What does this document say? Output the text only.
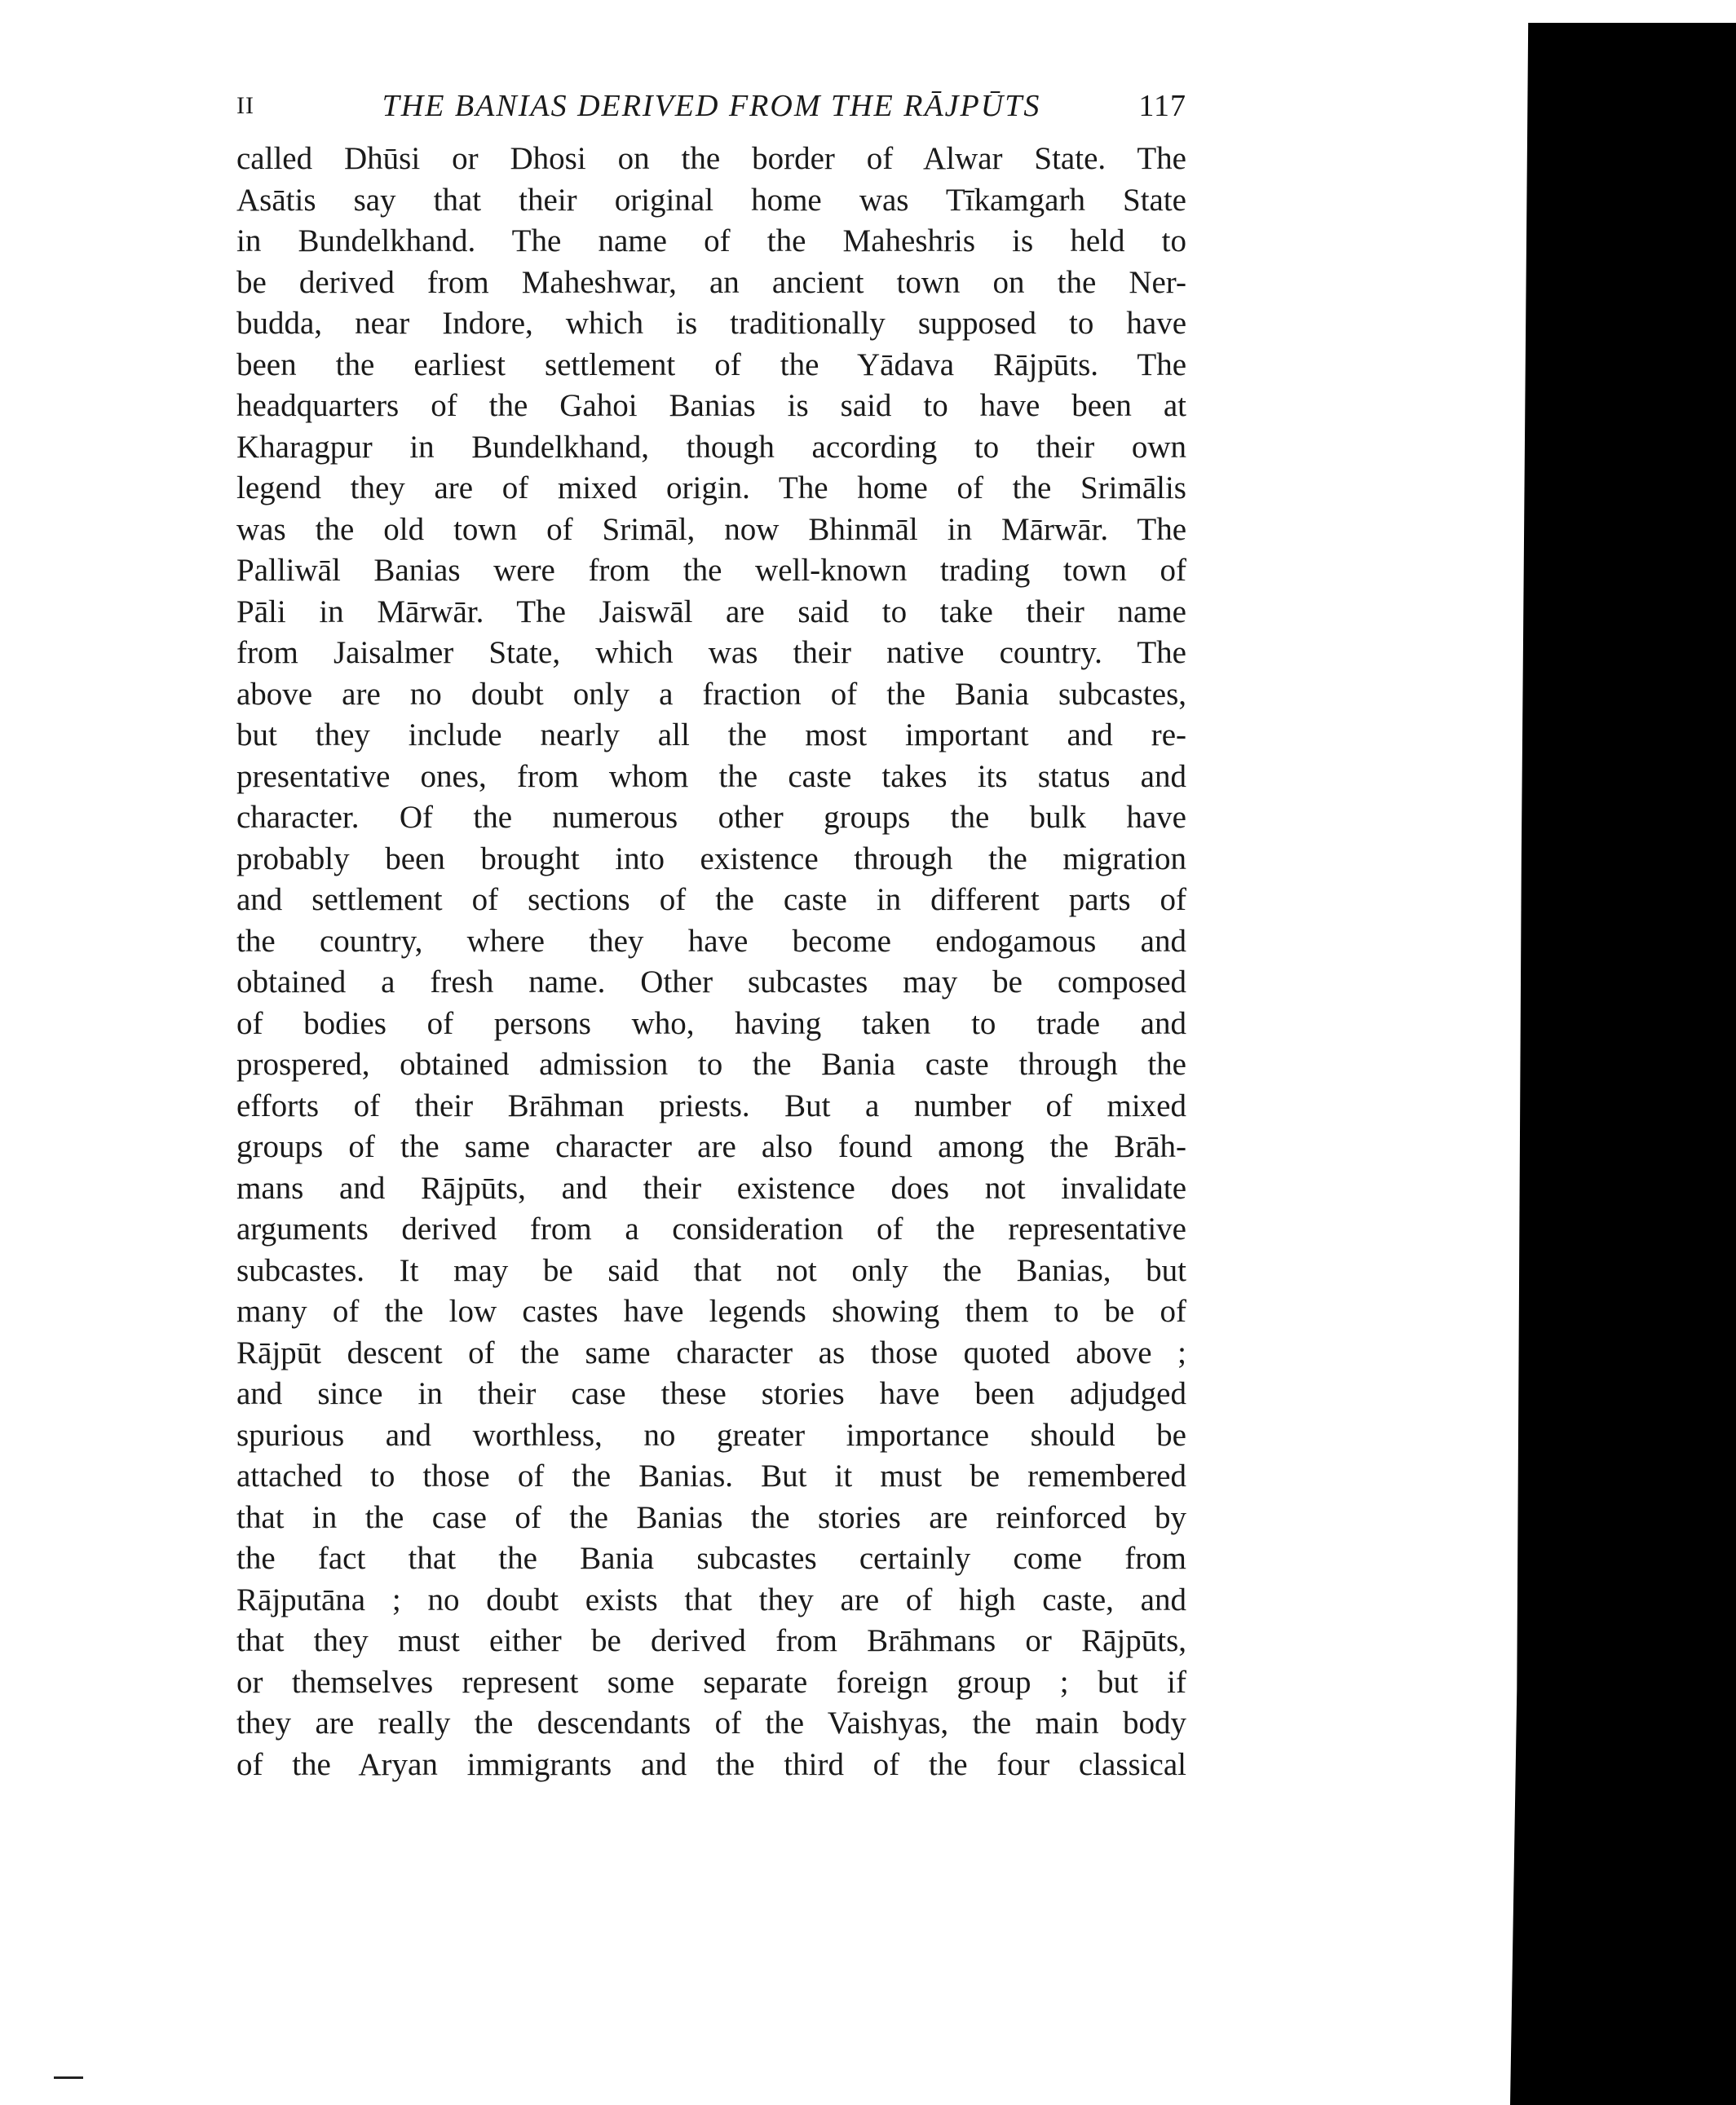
II	THE BANIAS DERIVED FROM THE RĀJPŪTS	117
called Dhūsi or Dhosi on the border of Alwar State. The
Asātis say that their original home was Tīkamgarh State
in Bundelkhand. The name of the Maheshris is held to
be derived from Maheshwar, an ancient town on the Ner-
budda, near Indore, which is traditionally supposed to have
been the earliest settlement of the Yādava Rājpūts. The
headquarters of the Gahoi Banias is said to have been at
Kharagpur in Bundelkhand, though according to their own
legend they are of mixed origin. The home of the Srimālis
was the old town of Srimāl, now Bhinmāl in Mārwār. The
Palliwāl Banias were from the well-known trading town of
Pāli in Mārwār. The Jaiswāl are said to take their name
from Jaisalmer State, which was their native country. The
above are no doubt only a fraction of the Bania subcastes,
but they include nearly all the most important and re-
presentative ones, from whom the caste takes its status and
character. Of the numerous other groups the bulk have
probably been brought into existence through the migration
and settlement of sections of the caste in different parts of
the country, where they have become endogamous and
obtained a fresh name. Other subcastes may be composed
of bodies of persons who, having taken to trade and
prospered, obtained admission to the Bania caste through the
efforts of their Brāhman priests. But a number of mixed
groups of the same character are also found among the Brāh-
mans and Rājpūts, and their existence does not invalidate
arguments derived from a consideration of the representative
subcastes. It may be said that not only the Banias, but
many of the low castes have legends showing them to be of
Rājpūt descent of the same character as those quoted above ;
and since in their case these stories have been adjudged
spurious and worthless, no greater importance should be
attached to those of the Banias. But it must be remembered
that in the case of the Banias the stories are reinforced by
the fact that the Bania subcastes certainly come from
Rājputāna ; no doubt exists that they are of high caste, and
that they must either be derived from Brāhmans or Rājpūts,
or themselves represent some separate foreign group ; but if
they are really the descendants of the Vaishyas, the main body
of the Aryan immigrants and the third of the four classical
